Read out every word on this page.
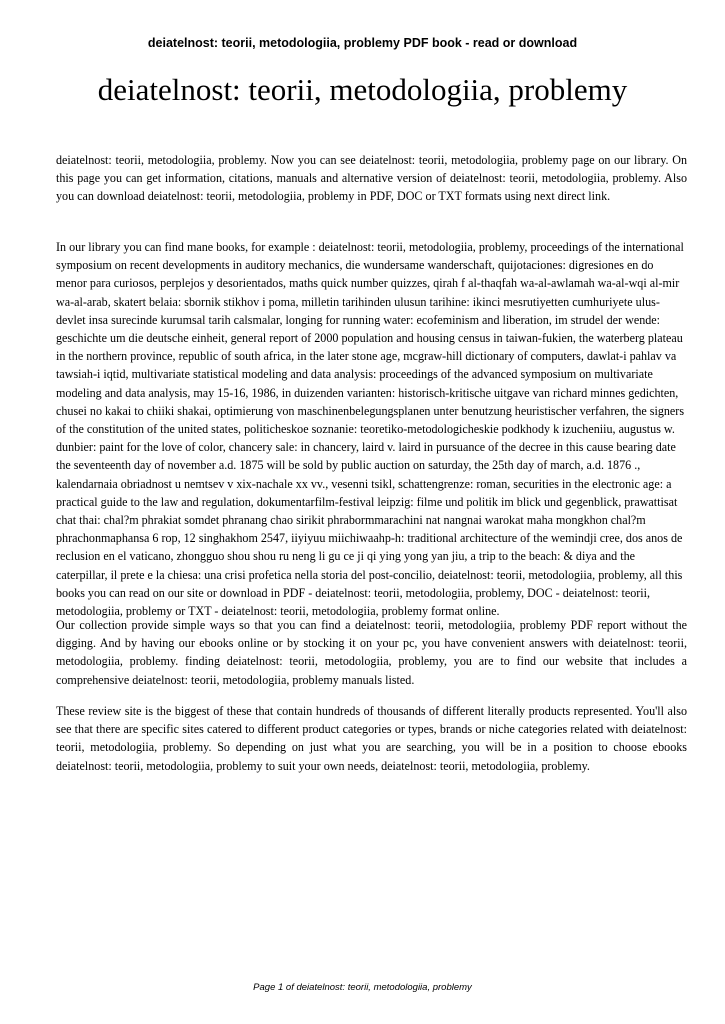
deiatelnost: teorii, metodologiia, problemy PDF book - read or download
deiatelnost: teorii, metodologiia, problemy

deiatelnost: teorii, metodologiia, problemy. Now you can see deiatelnost: teorii, metodologiia, problemy page on our library. On this page you can get information, citations, manuals and alternative version of deiatelnost: teorii, metodologiia, problemy. Also you can download deiatelnost: teorii, metodologiia, problemy in PDF, DOC or TXT formats using next direct link.

In our library you can find mane books, for example : deiatelnost: teorii, metodologiia, problemy, proceedings of the international symposium on recent developments in auditory mechanics, die wundersame wanderschaft, quijotaciones: digresiones en do menor para curiosos, perplejos y desorientados, maths quick number quizzes, qirah f al-thaqfah wa-al-awlamah wa-al-wqi al-mir wa-al-arab, skatert belaia: sbornik stikhov i poma, milletin tarihinden ulusun tarihine: ikinci mesrutiyetten cumhuriyete ulus-devlet insa surecinde kurumsal tarih calsmalar, longing for running water: ecofeminism and liberation, im strudel der wende: geschichte um die deutsche einheit, general report of 2000 population and housing census in taiwan-fukien, the waterberg plateau in the northern province, republic of south africa, in the later stone age, mcgraw-hill dictionary of computers, dawlat-i pahlav va tawsiah-i iqtid, multivariate statistical modeling and data analysis: proceedings of the advanced symposium on multivariate modeling and data analysis, may 15-16, 1986, in duizenden varianten: historisch-kritische uitgave van richard minnes gedichten, chusei no kakai to chiiki shakai, optimierung von maschinenbelegungsplanen unter benutzung heuristischer verfahren, the signers of the constitution of the united states, politicheskoe soznanie: teoretiko-metodologicheskie podkhody k izucheniiu, augustus w. dunbier: paint for the love of color, chancery sale: in chancery, laird v. laird in pursuance of the decree in this cause bearing date the seventeenth day of november a.d. 1875 will be sold by public auction on saturday, the 25th day of march, a.d. 1876 ., kalendarnaia obriadnost u nemtsev v xix-nachale xx vv., vesenni tsikl, schattengrenze: roman, securities in the electronic age: a practical guide to the law and regulation, dokumentarfilm-festival leipzig: filme und politik im blick und gegenblick, prawattisat chat thai: chal?m phrakiat somdet phranang chao sirikit phrabormmarachini nat nangnai warokat maha mongkhon chal?m phrachonmaphansa 6 rop, 12 singhakhom 2547, iiyiyuu miichiwaahp-h: traditional architecture of the wemindji cree, dos anos de reclusion en el vaticano, zhongguo shou shou ru neng li gu ce ji qi ying yong yan jiu, a trip to the beach: & diya and the caterpillar, il prete e la chiesa: una crisi profetica nella storia del post-concilio, deiatelnost: teorii, metodologiia, problemy, all this books you can read on our site or download in PDF - deiatelnost: teorii, metodologiia, problemy, DOC - deiatelnost: teorii, metodologiia, problemy or TXT - deiatelnost: teorii, metodologiia, problemy format online.

Our collection provide simple ways so that you can find a deiatelnost: teorii, metodologiia, problemy PDF report without the digging. And by having our ebooks online or by stocking it on your pc, you have convenient answers with deiatelnost: teorii, metodologiia, problemy. finding deiatelnost: teorii, metodologiia, problemy, you are to find our website that includes a comprehensive deiatelnost: teorii, metodologiia, problemy manuals listed.

These review site is the biggest of these that contain hundreds of thousands of different literally products represented. You'll also see that there are specific sites catered to different product categories or types, brands or niche categories related with deiatelnost: teorii, metodologiia, problemy. So depending on just what you are searching, you will be in a position to choose ebooks deiatelnost: teorii, metodologiia, problemy to suit your own needs, deiatelnost: teorii, metodologiia, problemy.

Page 1 of deiatelnost: teorii, metodologiia, problemy
